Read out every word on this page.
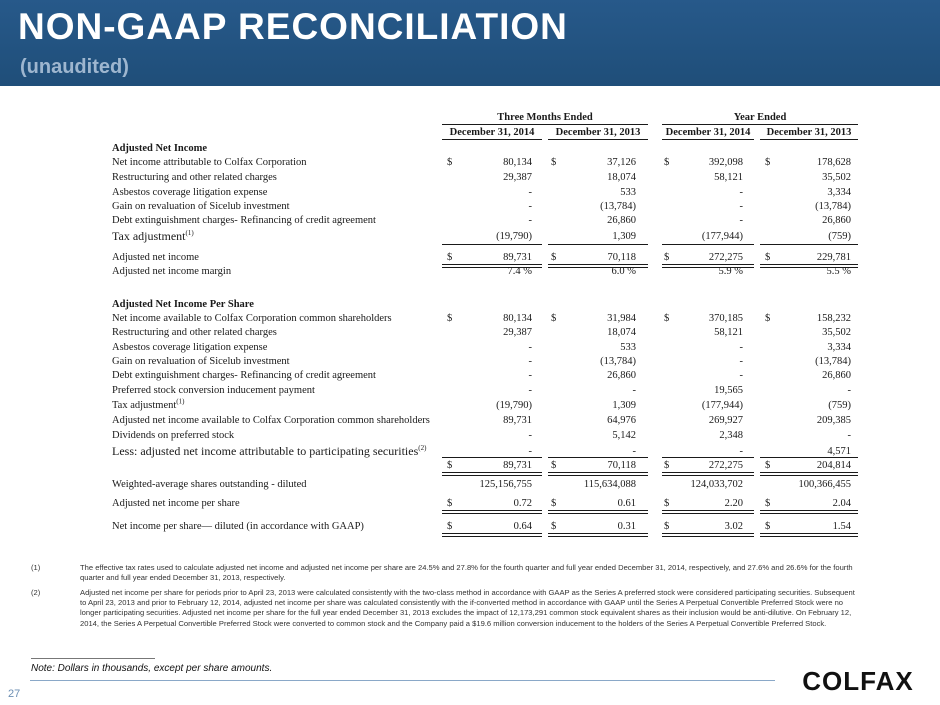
NON-GAAP RECONCILIATION
(unaudited)
Three Months Ended	Year Ended
December 31, 2014	December 31, 2013	December 31, 2014	December 31, 2013
Adjusted Net Income
Adjusted Net Income Per Share
Net income attributable to Colfax Corporation	$	80,134 $	37,126	$	392,098 $	178,628
Restructuring and other related charges	29,387	18,074	58,121	35,502
Asbestos coverage litigation expense	-	533	-	3,334
Gain on revaluation of Sicelub investment	-	(13,784)	-	(13,784)
Debt extinguishment charges- Refinancing of credit agreement	-	26,860	-	26,860
Tax adjustment$^{(1)}$	(19,790)	1,309	(177,944)	(759)
Adjusted net income	$	89,731 $	70,118	$	272,275 $	229,781
Adjusted net income margin	7.4 %	6.0 %	5.9 %	5.5 %
Net income available to Colfax Corporation common shareholders	$	80,134 $	31,984	$	370,185 $	158,232
Restructuring and other related charges	29,387	18,074	58,121	35,502
Asbestos coverage litigation expense	-	533	-	3,334
Gain on revaluation of Sicelub investment	-	(13,784)	-	(13,784)
Debt extinguishment charges- Refinancing of credit agreement	-	26,860	-	26,860
Preferred stock conversion inducement payment	-	-	19,565	-
Tax adjustment$^{(1)}$	(19,790)	1,309	(177,944)	(759)
Adjusted net income available to Colfax Corporation common shareholders	89,731	64,976	269,927	209,385
Dividends on preferred stock	-	5,142	2,348	-
Less: adjusted net income attributable to participating securities$^{(2)}$	-	-	-	4,571
$	89,731 $	70,118	$	272,275 $	204,814
Weighted-average shares outstanding - diluted	125,156,755	115,634,088	124,033,702	100,366,455
Adjusted net income per share	$	0.72 $	0.61	$	2.20 $	2.04
Net income per share— diluted (in accordance with GAAP)	$	0.64 $	0.31	$	3.02 $	1.54
(1)	The effective tax rates used to calculate adjusted net income and adjusted net income per share are 24.5% and 27.8% for the fourth quarter and full year ended December 31, 2014, respectively, and 27.6% and 26.6% for the fourth quarter and full year ended December 31, 2013, respectively.
(2)	Adjusted net income per share for periods prior to April 23, 2013 were calculated consistently with the two-class method in accordance with GAAP as the Series A preferred stock were considered participating securities. Subsequent to April 23, 2013 and prior to February 12, 2014, adjusted net income per share was calculated consistently with the if-converted method in accordance with GAAP until the Series A Perpetual Convertible Preferred Stock were no longer participating securities. Adjusted net income per share for the full year ended December 31, 2013 excludes the impact of 12,173,291 common stock equivalent shares as their inclusion would be anti-dilutive. On February 12, 2014, the Series A Perpetual Convertible Preferred Stock were converted to common stock and the Company paid a $19.6 million conversion inducement to the holders of the Series A Perpetual Convertible Preferred Stock.
Note: Dollars in thousands, except per share amounts.
27	COLFAX
